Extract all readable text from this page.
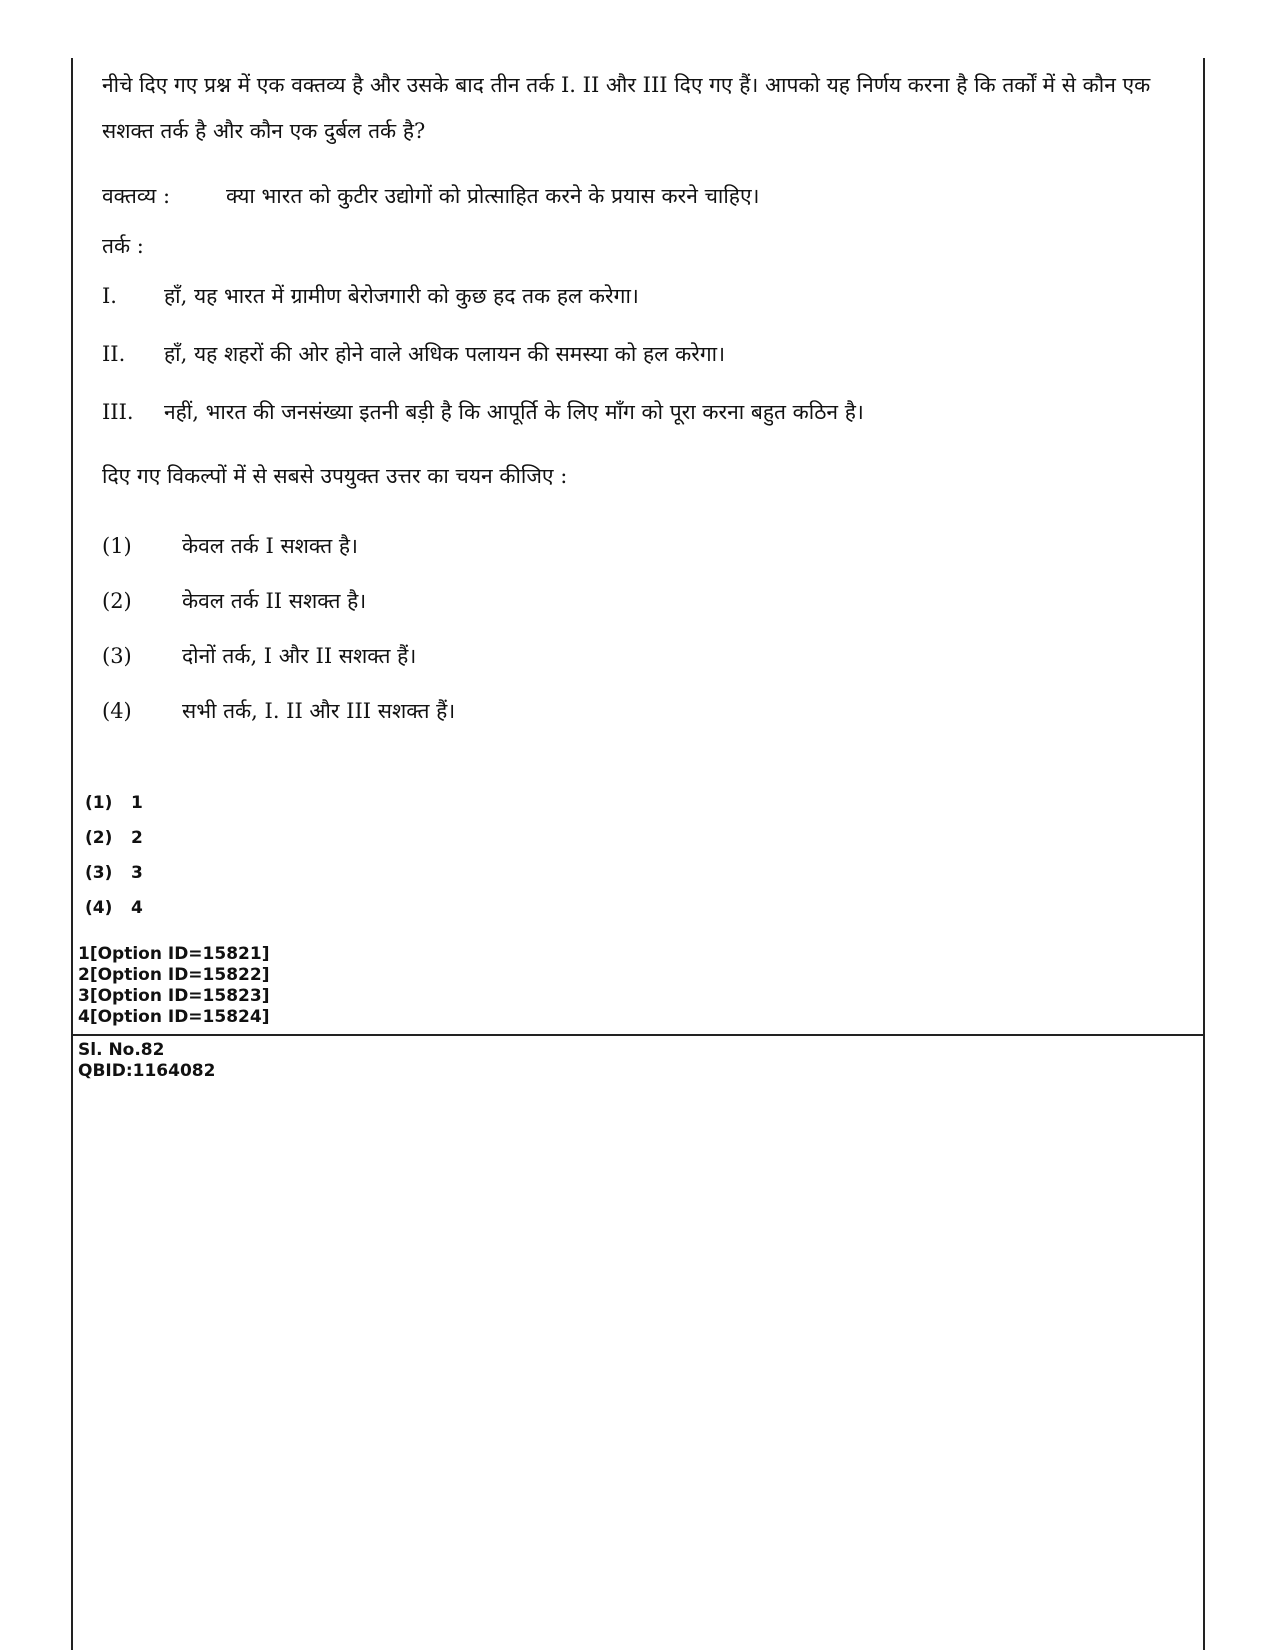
नीचे दिए गए प्रश्न में एक वक्तव्य है और उसके बाद तीन तर्क I. II और III दिए गए हैं। आपको यह निर्णय करना है कि तर्कों में से कौन एक सशक्त तर्क है और कौन एक दुर्बल तर्क है?

वक्तव्य :	क्या भारत को कुटीर उद्योगों को प्रोत्साहित करने के प्रयास करने चाहिए।
तर्क :
I.	हाँ, यह भारत में ग्रामीण बेरोजगारी को कुछ हद तक हल करेगा।
II.	हाँ, यह शहरों की ओर होने वाले अधिक पलायन की समस्या को हल करेगा।
III.	नहीं, भारत की जनसंख्या इतनी बड़ी है कि आपूर्ति के लिए माँग को पूरा करना बहुत कठिन है।
दिए गए विकल्पों में से सबसे उपयुक्त उत्तर का चयन कीजिए :
(1)	केवल तर्क I सशक्त है।
(2)	केवल तर्क II सशक्त है।
(3)	दोनों तर्क, I और II सशक्त हैं।
(4)	सभी तर्क, I. II और III सशक्त हैं।
(1)	1
(2)	2
(3)	3
(4)	4
1[Option ID=15821]
2[Option ID=15822]
3[Option ID=15823]
4[Option ID=15824]
Sl. No.82
QBID:1164082
